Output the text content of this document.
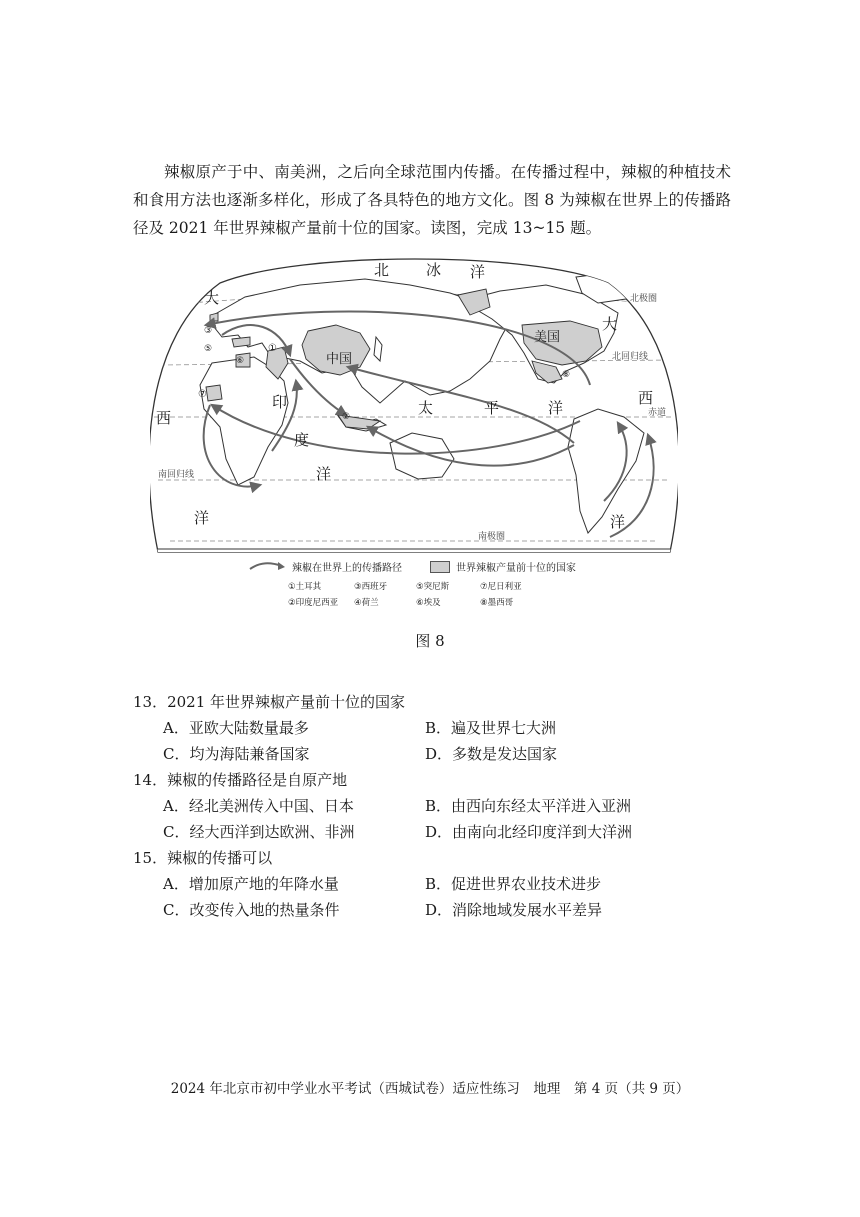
辣椒原产于中、南美洲，之后向全球范围内传播。在传播过程中，辣椒的种植技术和食用方法也逐渐多样化，形成了各具特色的地方文化。图 8 为辣椒在世界上的传播路径及 2021 年世界辣椒产量前十位的国家。读图，完成 13~15 题。

北 冰 洋
大
西
洋
大
西
洋
印
度
洋
太	平	洋
中国
美国
北极圈
北回归线
赤道
南回归线
南极圈
①
②
③
⑤
⑥
⑦
⑧
辣椒在世界上的传播路径	世界辣椒产量前十位的国家
①土耳其	③西班牙	⑤突尼斯	⑦尼日利亚
②印度尼西亚	④荷兰	⑥埃及	⑧墨西哥
图 8
13．2021 年世界辣椒产量前十位的国家
A．亚欧大陆数量最多	B．遍及世界七大洲
C．均为海陆兼备国家	D．多数是发达国家
14．辣椒的传播路径是自原产地
A．经北美洲传入中国、日本	B．由西向东经太平洋进入亚洲
C．经大西洋到达欧洲、非洲	D．由南向北经印度洋到大洋洲
15．辣椒的传播可以
A．增加原产地的年降水量	B．促进世界农业技术进步
C．改变传入地的热量条件	D．消除地域发展水平差异
2024 年北京市初中学业水平考试（西城试卷）适应性练习　地理　第 4 页（共 9 页）
